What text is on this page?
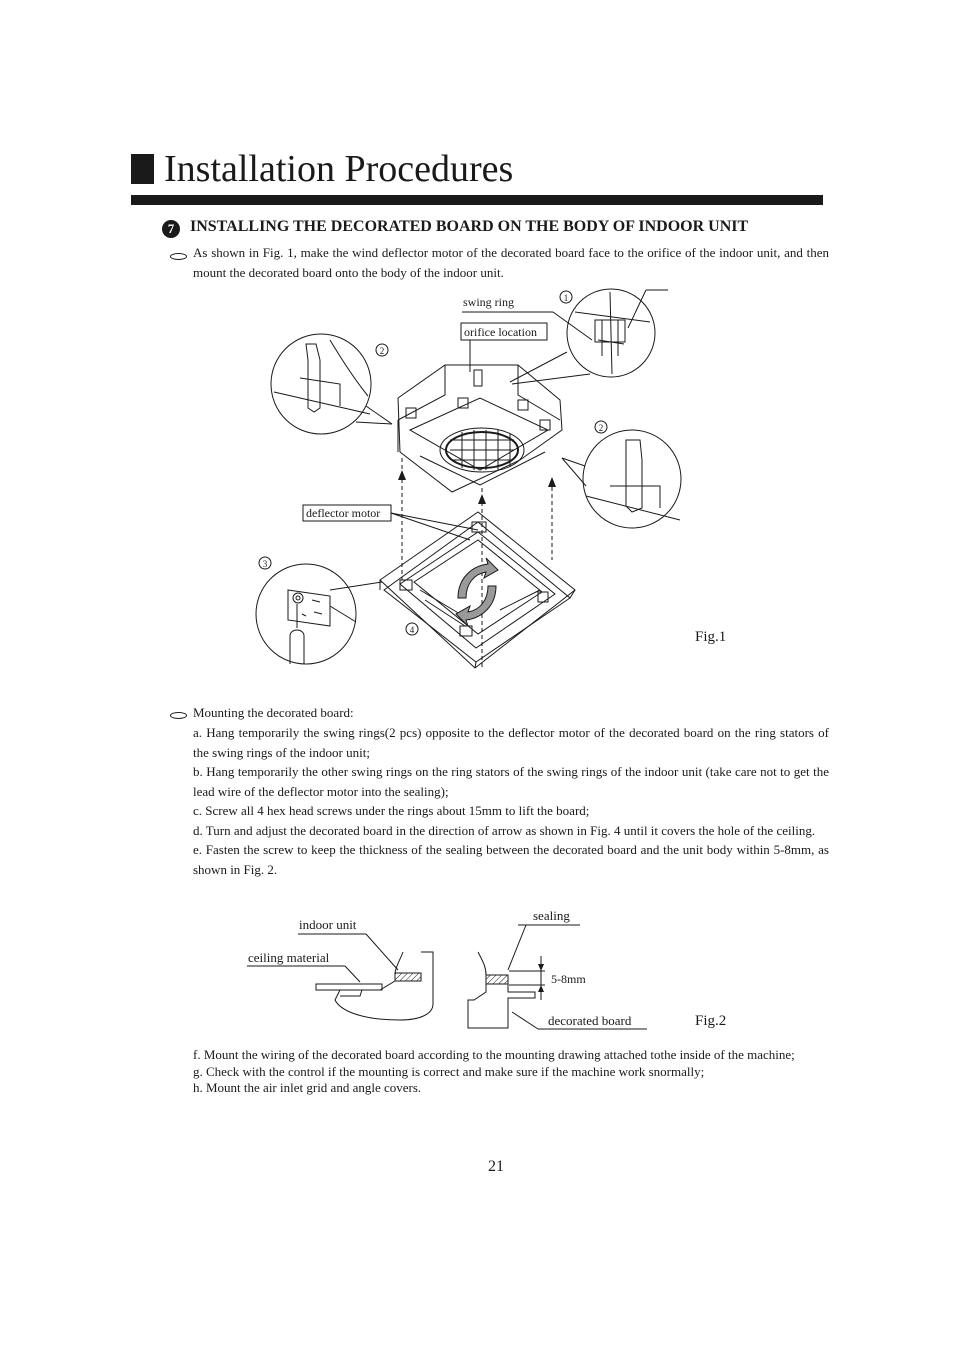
Installation Procedures
7 INSTALLING THE DECORATED BOARD ON THE BODY OF INDOOR UNIT
As shown in Fig. 1, make the wind deflector motor of the decorated board face to the orifice of the indoor unit, and then mount the decorated board onto the body of the indoor unit.
swing ring
orifice location
1
2
2
3
4
deflector motor
Fig.1
Mounting the decorated board:

a. Hang temporarily the swing rings(2 pcs) opposite to the deflector motor of the decorated board on the ring stators of the swing rings of the indoor unit;

b. Hang temporarily the other swing rings on the ring stators of the swing rings of the indoor unit (take care not to get the lead wire of the deflector motor into the sealing);

c. Screw all 4 hex head screws under the rings about 15mm to lift the board;

d. Turn and adjust the decorated board in the direction of arrow as shown in Fig. 4 until it covers the hole of the ceiling.

e. Fasten the screw to keep the thickness of the sealing between the decorated board and the unit body within 5-8mm, as shown in Fig. 2.

indoor unit
ceiling material
sealing
5-8mm
decorated board	Fig.2
f. Mount the wiring of the decorated board according to the mounting drawing attached tothe inside of the machine;
g. Check with the control if the mounting is correct and make sure if the machine work snormally;
h. Mount the air inlet grid and angle covers.
21
